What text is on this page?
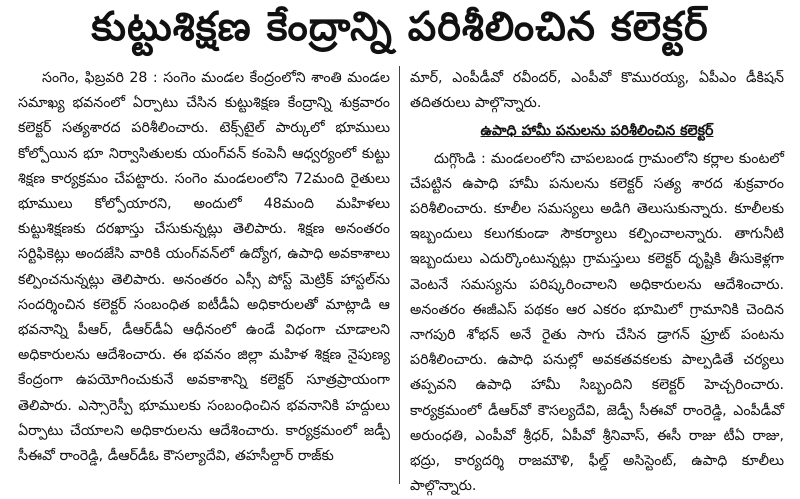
కుట్టుశిక్షణ కేంద్రాన్ని పరిశీలించిన కలెక్టర్

సంగెం, ఫిబ్రవరి 28 : సంగెం మండల కేంద్రంలోని శాంతి మండల సమాఖ్య భవనంలో ఏర్పాటు చేసిన కుట్టుశిక్షణ కేంద్రాన్ని శుక్రవారం కలెక్టర్ సత్యశారద పరిశీలించారు. టెక్స్‌టైల్ పార్కులో భూములు కోల్పోయిన భూ నిర్వాసితులకు యంగ్‌వన్ కంపెనీ ఆధ్వర్యంలో కుట్టు శిక్షణ కార్యక్రమం చేపట్టారు. సంగెం మండలంలోని 72మంది రైతులు భూములు కోల్పోయారని, అందులో 48మంది మహిళలు కుట్టుశిక్షణకు దరఖాస్తు చేసుకున్నట్లు తెలిపారు. శిక్షణ అనంతరం సర్టిఫికెట్లు అందజేసి వారికి యంగ్‌వన్‌లో ఉద్యోగ, ఉపాధి అవకాశాలు కల్పించనున్నట్లు తెలిపారు. అనంతరం ఎస్సీ పోస్ట్ మెట్రిక్ హాస్టల్‌ను సందర్శించిన కలెక్టర్ సంబంధిత ఐటీడీఏ అధికారులతో మాట్లాడి ఆ భవనాన్ని పీఆర్, డీఆర్‌డీఏ ఆధీనంలో ఉండే విధంగా చూడాలని అధికారులను ఆదేశించారు. ఈ భవనం జిల్లా మహిళ శిక్షణ నైపుణ్య కేంద్రంగా ఉపయోగించుకునే అవకాశాన్ని కలెక్టర్ సూత్రప్రాయంగా తెలిపారు. ఎస్సారెస్పీ భూములకు సంబంధించిన భవనానికి హద్దులు ఏర్పాటు చేయాలని అధికారులను ఆదేశించారు. కార్యక్రమంలో జడ్పీ సీఈవో రాంరెడ్డి, డీఆర్‌డీఓ కౌసల్యాదేవి, తహసీల్దార్ రాజ్‌కు

మార్, ఎంపీడీవో రవీందర్, ఎంపీవో కొమురయ్య, ఏపీఎం డీకిషన్ తదితరులు పాల్గొన్నారు.

ఉపాధి హామీ పనులను పరిశీలించిన కలెక్టర్

దుగ్గొండి : మండలంలోని చాపలబండ గ్రామంలోని కర్లాల కుంటలో చేపట్టిన ఉపాధి హామీ పనులను కలెక్టర్ సత్య శారద శుక్రవారం పరిశీలించారు. కూలీల సమస్యలు అడిగి తెలుసుకున్నారు. కూలీలకు ఇబ్బందులు కలుగకుండా సౌకర్యాలు కల్పించాలన్నారు. తాగునీటి ఇబ్బందులు ఎదుర్కొంటున్నట్లు గ్రామస్తులు కలెక్టర్ దృష్టికి తీసుకెళ్లగా వెంటనే సమస్యను పరిష్కరించాలని అధికారులను ఆదేశించారు. అనంతరం ఈజీఎస్ పథకం ఆర ఎకరం భూమిలో గ్రామానికి చెందిన నాగపురి శోభన్ అనే రైతు సాగు చేసిన డ్రాగన్ ఫ్రూట్ పంటను పరిశీలించారు. ఉపాధి పనుల్లో అవకతవకలకు పాల్పడితే చర్యలు తప్పవని ఉపాధి హామీ సిబ్బందిని కలెక్టర్ హెచ్చరించారు. కార్యక్రమంలో డీఆర్‌వో కౌసల్యదేవి, జెడ్పీ సీఈవో రాంరెడ్డి, ఎంపీడీవో అరుంధతి, ఎంపీవో శ్రీధర్, ఏపీవో శ్రీనివాస్, ఈసీ రాజు టీఏ రాజు, భద్రు, కార్యదర్శి రాజమౌళి, ఫీల్డ్ అసిస్టెంట్, ఉపాధి కూలీలు పాల్గొన్నారు.
